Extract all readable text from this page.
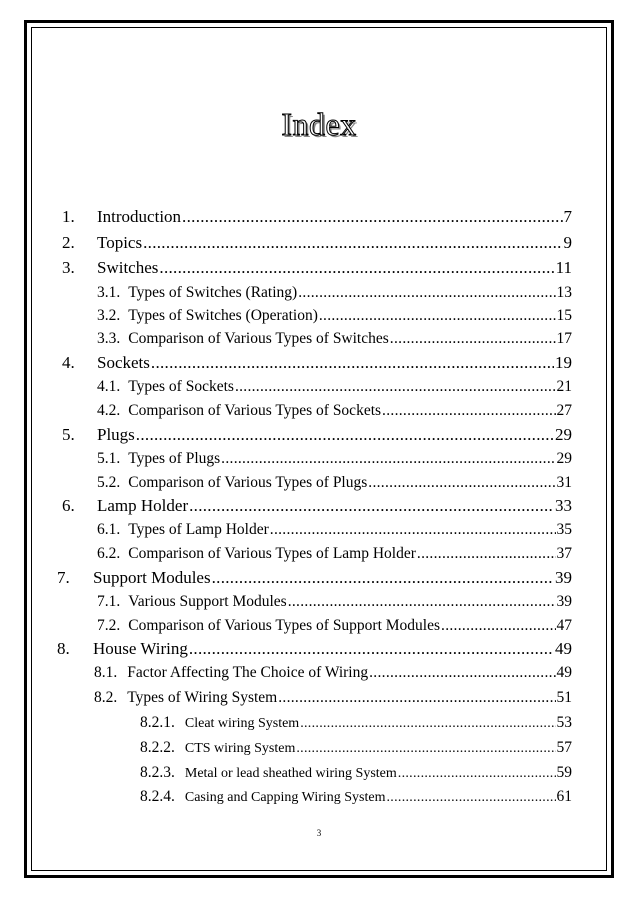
Index
1. Introduction .....	7
2. Topics .....	9
3. Switches .....	11
3.1. Types of Switches (Rating) .....	13
3.2. Types of Switches (Operation) .....	15
3.3. Comparison of Various Types of Switches .....	17
4. Sockets .....	19
4.1. Types of Sockets .....	21
4.2. Comparison of Various Types of Sockets .....	27
5. Plugs .....	29
5.1. Types of Plugs .....	29
5.2. Comparison of Various Types of Plugs .....	31
6. Lamp Holder .....	33
6.1. Types of Lamp Holder .....	35
6.2. Comparison of Various Types of Lamp Holder .....	37
7. Support Modules .....	39
7.1. Various Support Modules .....	39
7.2. Comparison of Various Types of Support Modules .....	47
8. House Wiring .....	49
8.1. Factor Affecting The Choice of Wiring .....	49
8.2. Types of Wiring System .....	51
8.2.1. Cleat wiring System .....	53
8.2.2. CTS wiring System .....	57
8.2.3. Metal or lead sheathed wiring System .....	59
8.2.4. Casing and Capping Wiring System .....	61
3
